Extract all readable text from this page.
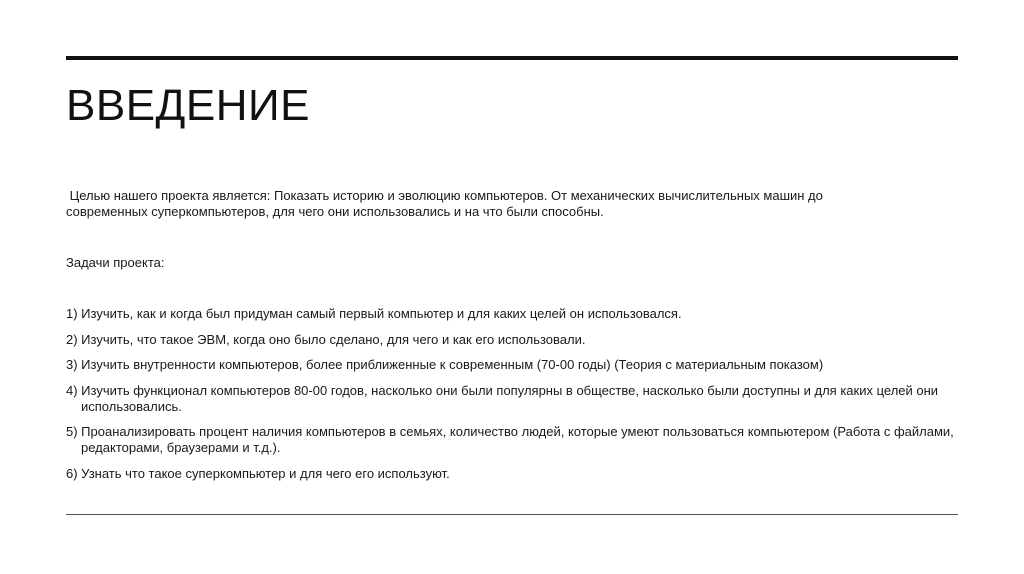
ВВЕДЕНИЕ
Целью нашего проекта является: Показать историю и эволюцию компьютеров. От механических вычислительных машин до современных суперкомпьютеров, для чего они использовались и на что были способны.
Задачи проекта:
1) Изучить, как и когда был придуман самый первый компьютер и для каких целей он использовался.
2) Изучить, что такое ЭВМ, когда оно было сделано, для чего и как его использовали.
3) Изучить внутренности компьютеров, более приближенные к современным (70-00 годы) (Теория с материальным показом)
4) Изучить функционал компьютеров 80-00 годов, насколько они были популярны в обществе, насколько были доступны и для каких целей они использовались.
5) Проанализировать процент наличия компьютеров в семьях, количество людей, которые умеют пользоваться компьютером (Работа с файлами, редакторами, браузерами и т.д.).
6) Узнать что такое суперкомпьютер и для чего его используют.
